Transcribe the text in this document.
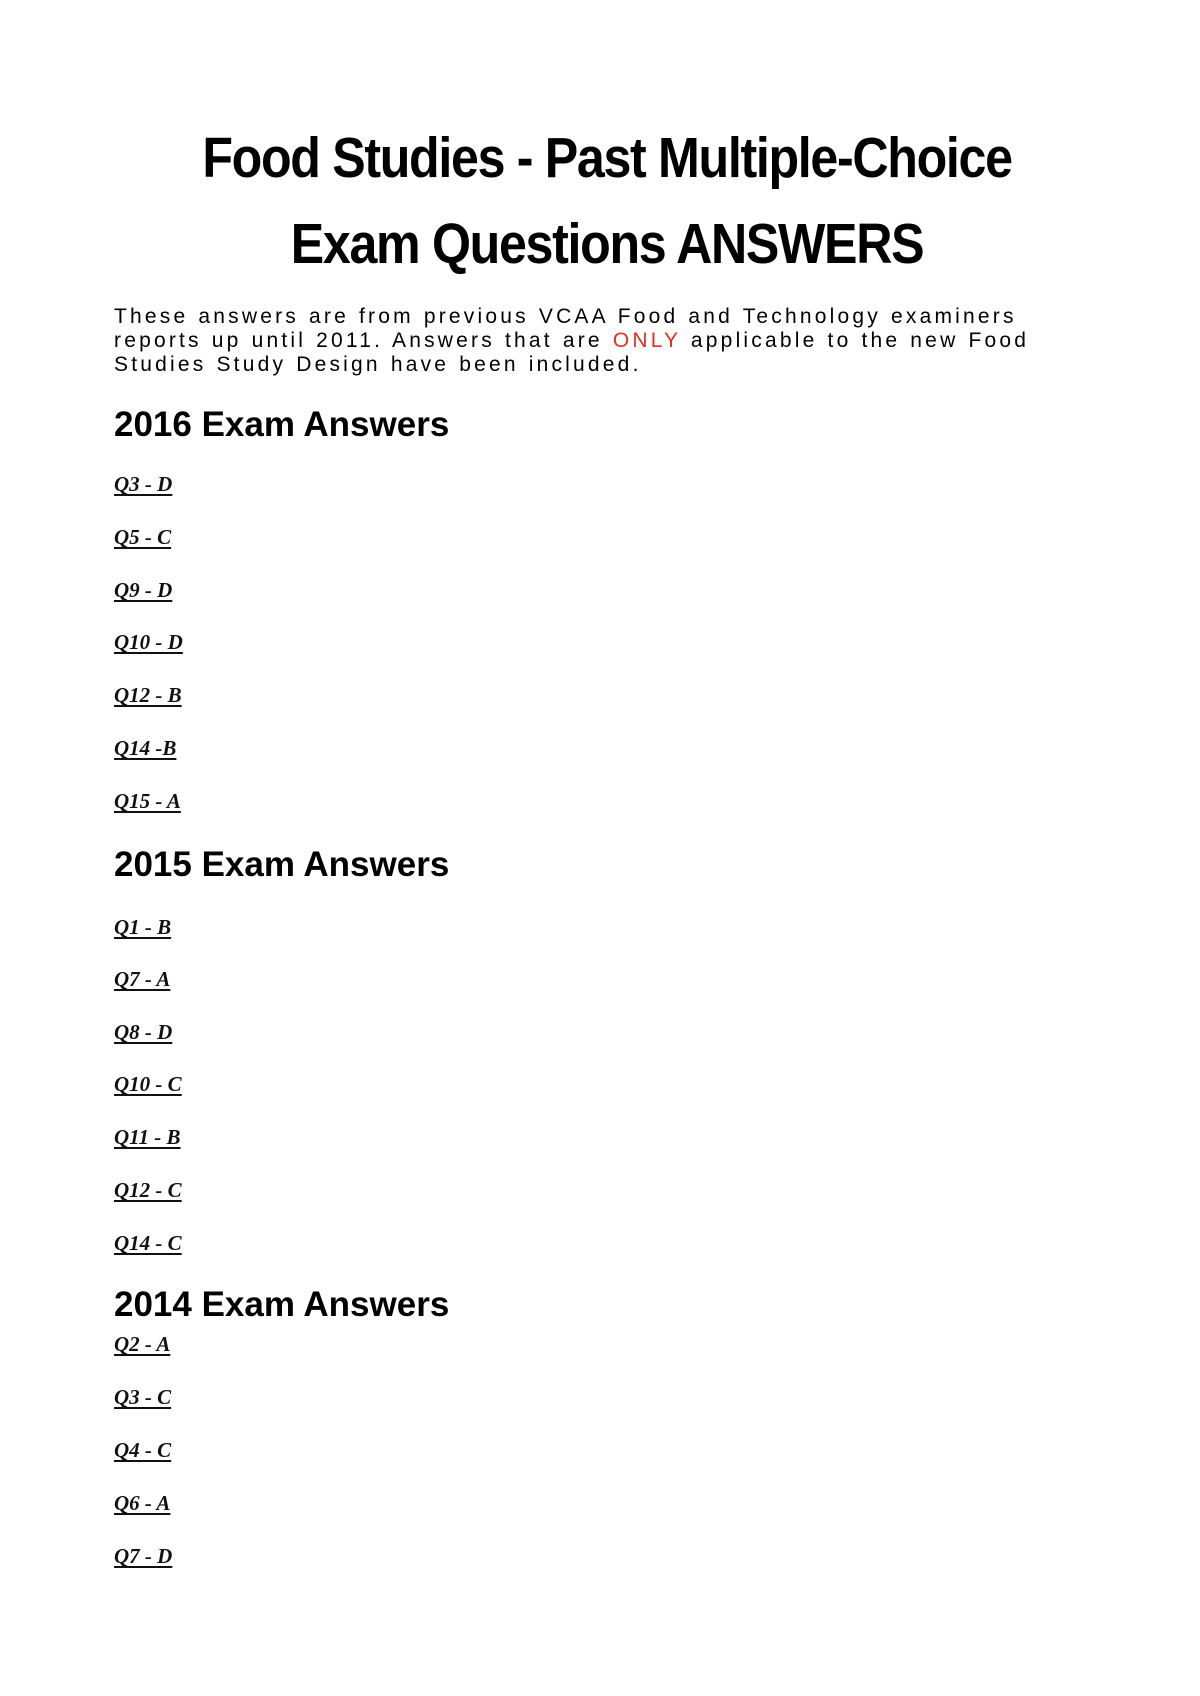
Food Studies - Past Multiple-Choice
Exam Questions ANSWERS

These answers are from previous VCAA Food and Technology examiners reports up until 2011. Answers that are ONLY applicable to the new Food Studies Study Design have been included.

2016 Exam Answers

Q3 - D

Q5 - C

Q9 - D

Q10 - D

Q12 - B

Q14 -B

Q15 - A

2015 Exam Answers

Q1 - B

Q7 - A

Q8 - D

Q10 - C

Q11 - B

Q12 - C

Q14 - C

2014 Exam Answers

Q2 - A

Q3 - C

Q4 - C

Q6 - A

Q7 - D
